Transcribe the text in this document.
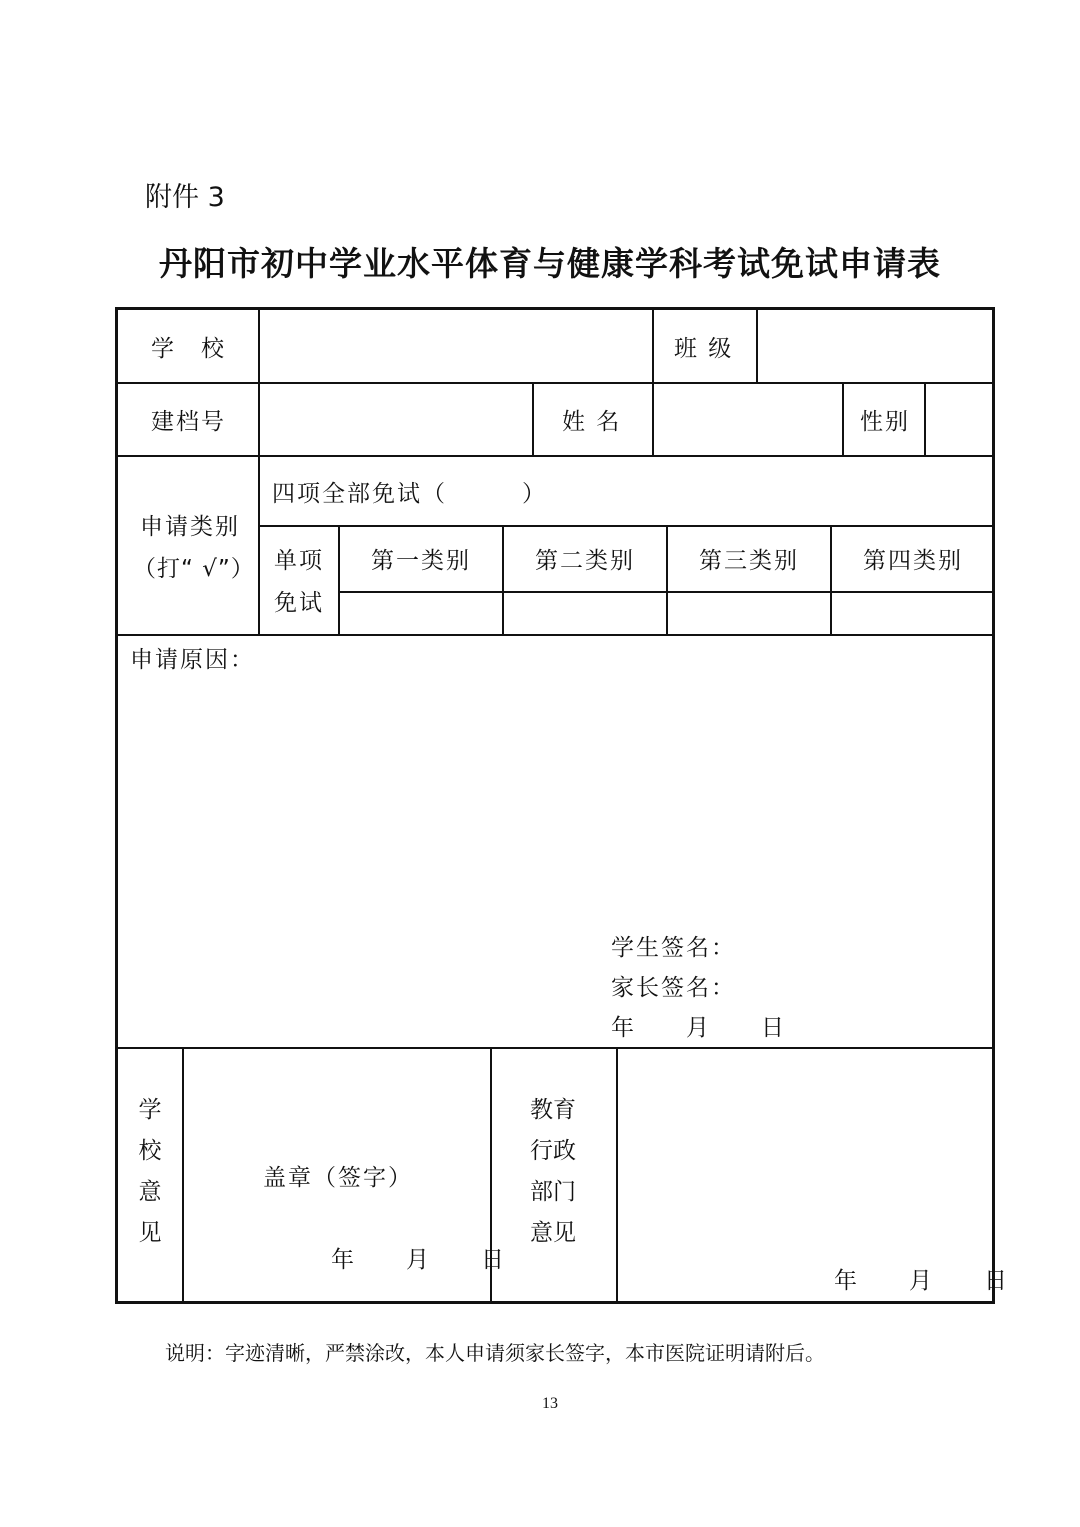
附件 3
丹阳市初中学业水平体育与健康学科考试免试申请表
学　校	班 级
建档号	姓 名	性别
申请类别
（打“ √”）
四项全部免试（　　　）
单项
免试
第一类别	第二类别	第三类别	第四类别
申请原因：
学生签名：
家长签名：
年　　月　　日
学
校
意
见
盖章（签字）
年　　月　　日
教育
行政
部门
意见
年　　月　　日
说明：字迹清晰，严禁涂改，本人申请须家长签字，本市医院证明请附后。
13
